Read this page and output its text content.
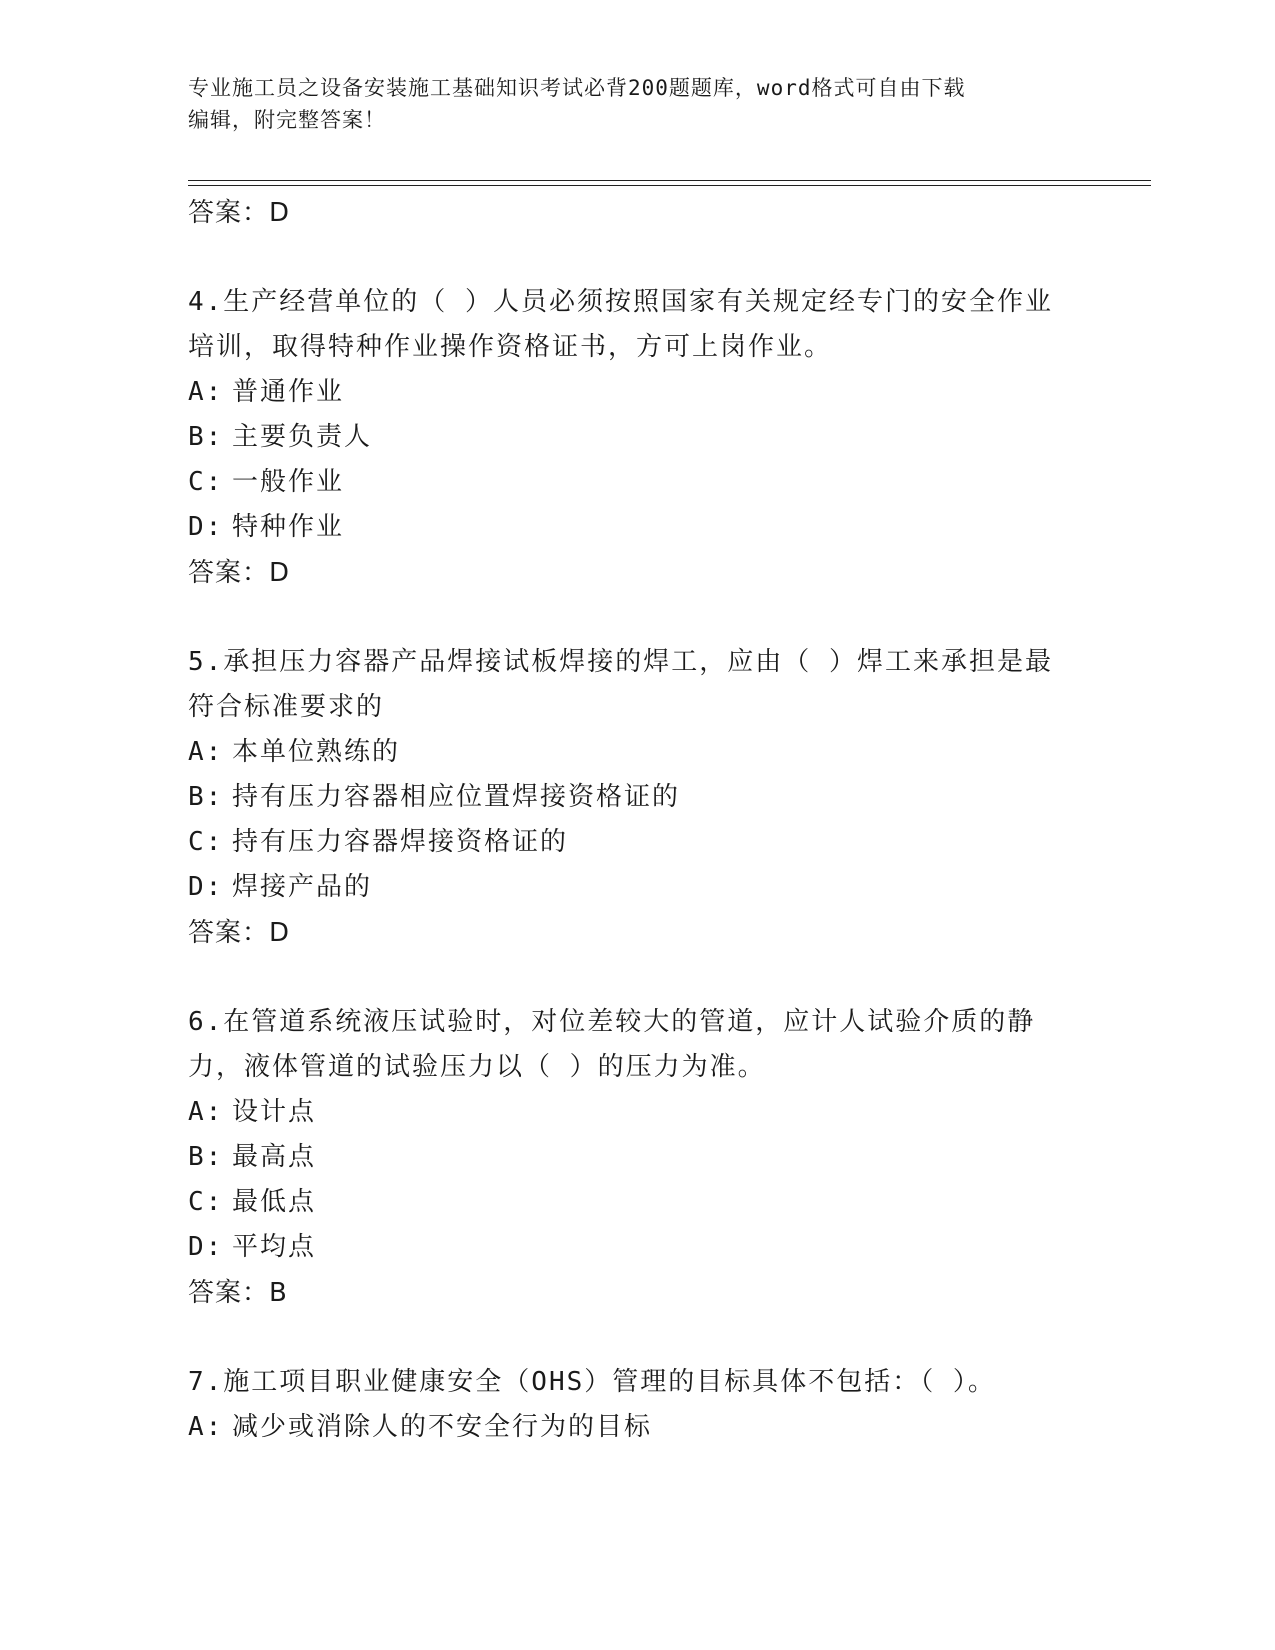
专业施工员之设备安装施工基础知识考试必背200题题库，word格式可自由下载
编辑，附完整答案！
答案：D
4.生产经营单位的（ ）人员必须按照国家有关规定经专门的安全作业
培训，取得特种作业操作资格证书，方可上岗作业。
A: 普通作业
B: 主要负责人
C: 一般作业
D: 特种作业
答案：D
5.承担压力容器产品焊接试板焊接的焊工，应由（ ）焊工来承担是最
符合标准要求的
A: 本单位熟练的
B: 持有压力容器相应位置焊接资格证的
C: 持有压力容器焊接资格证的
D: 焊接产品的
答案：D
6.在管道系统液压试验时，对位差较大的管道，应计人试验介质的静
力，液体管道的试验压力以（ ）的压力为准。
A: 设计点
B: 最高点
C: 最低点
D: 平均点
答案：B
7.施工项目职业健康安全（OHS）管理的目标具体不包括：（ ）。
A: 减少或消除人的不安全行为的目标
